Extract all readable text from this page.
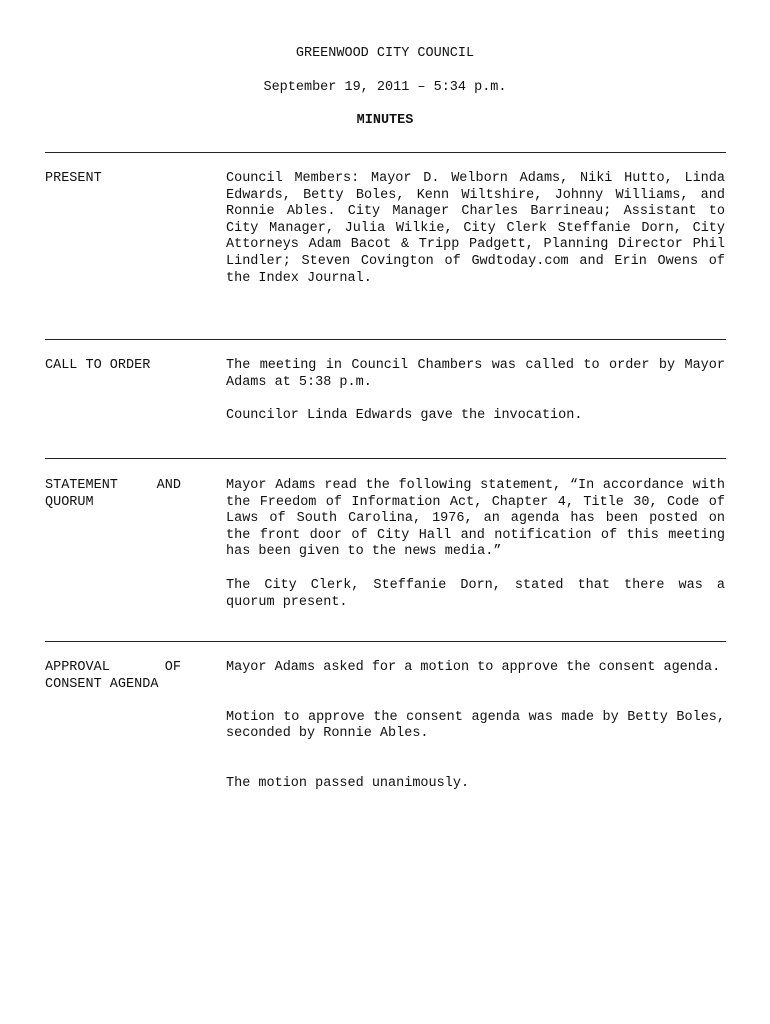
GREENWOOD CITY COUNCIL
September 19, 2011 – 5:34 p.m.
MINUTES
PRESENT	Council Members: Mayor D. Welborn Adams, Niki Hutto, Linda Edwards, Betty Boles, Kenn Wiltshire, Johnny Williams, and Ronnie Ables. City Manager Charles Barrineau; Assistant to City Manager, Julia Wilkie, City Clerk Steffanie Dorn, City Attorneys Adam Bacot & Tripp Padgett, Planning Director Phil Lindler; Steven Covington of Gwdtoday.com and Erin Owens of the Index Journal.

CALL TO ORDER	The meeting in Council Chambers was called to order by Mayor Adams at 5:38 p.m.

Councilor Linda Edwards gave the invocation.

STATEMENT AND
QUORUM

Mayor Adams read the following statement, “In accordance with the Freedom of Information Act, Chapter 4, Title 30, Code of Laws of South Carolina, 1976, an agenda has been posted on the front door of City Hall and notification of this meeting has been given to the news media.”

The City Clerk, Steffanie Dorn, stated that there was a quorum present.

APPROVAL OF
CONSENT AGENDA

Mayor Adams asked for a motion to approve the consent agenda.

Motion to approve the consent agenda was made by Betty Boles, seconded by Ronnie Ables.

The motion passed unanimously.
